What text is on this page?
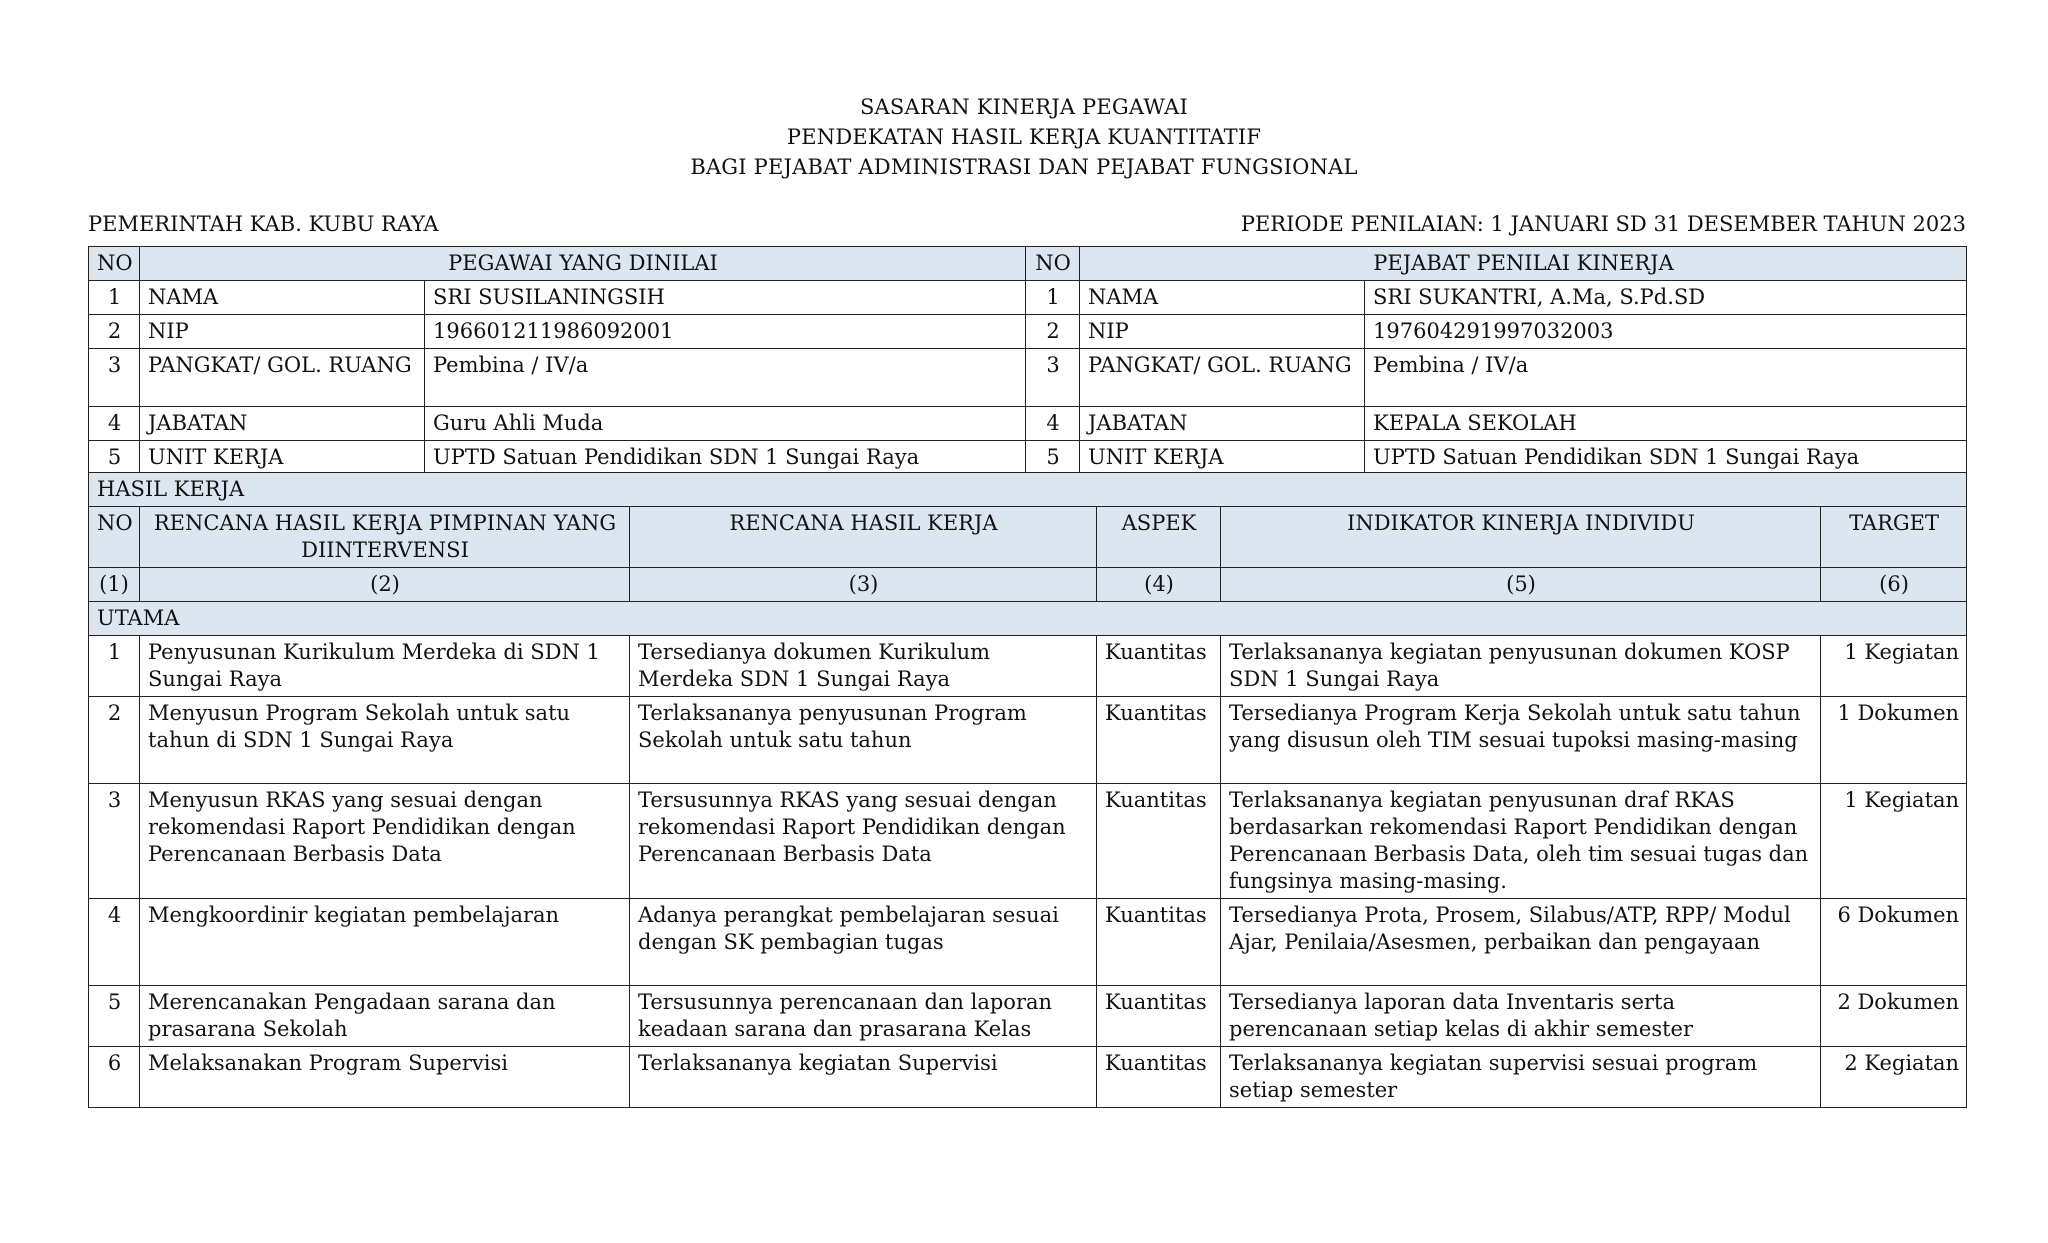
SASARAN KINERJA PEGAWAI
PENDEKATAN HASIL KERJA KUANTITATIF
BAGI PEJABAT ADMINISTRASI DAN PEJABAT FUNGSIONAL
PEMERINTAH KAB. KUBU RAYA	PERIODE PENILAIAN: 1 JANUARI SD 31 DESEMBER TAHUN 2023
NO	PEGAWAI YANG DINILAI		NO	PEJABAT PENILAI KINERJA	
1	NAMA	SRI SUSILANINGSIH	1	NAMA	SRI SUKANTRI, A.Ma, S.Pd.SD
2	NIP	196601211986092001	2	NIP	197604291997032003
3	PANGKAT/ GOL. RUANG	Pembina / IV/a	3	PANGKAT/ GOL. RUANG	Pembina / IV/a
4	JABATAN	Guru Ahli Muda	4	JABATAN	KEPALA SEKOLAH
5	UNIT KERJA	UPTD Satuan Pendidikan SDN 1 Sungai Raya	5	UNIT KERJA	UPTD Satuan Pendidikan SDN 1 Sungai Raya
HASIL KERJA					
NO	RENCANA HASIL KERJA PIMPINAN YANG DIINTERVENSI	RENCANA HASIL KERJA	ASPEK	INDIKATOR KINERJA INDIVIDU	TARGET
(1)	(2)	(3)	(4)	(5)	(6)
UTAMA					
1	Penyusunan Kurikulum Merdeka di SDN 1 Sungai Raya	Tersedianya dokumen Kurikulum Merdeka SDN 1 Sungai Raya	Kuantitas	Terlaksananya kegiatan penyusunan dokumen KOSP SDN 1 Sungai Raya	1 Kegiatan
2	Menyusun Program Sekolah untuk satu tahun di SDN 1 Sungai Raya	Terlaksananya penyusunan Program Sekolah untuk satu tahun	Kuantitas	Tersedianya Program Kerja Sekolah untuk satu tahun yang disusun oleh TIM sesuai tupoksi masing-masing	1 Dokumen
3	Menyusun RKAS yang sesuai dengan rekomendasi Raport Pendidikan dengan Perencanaan Berbasis Data	Tersusunnya RKAS yang sesuai dengan rekomendasi Raport Pendidikan dengan Perencanaan Berbasis Data	Kuantitas	Terlaksananya kegiatan penyusunan draf RKAS berdasarkan rekomendasi Raport Pendidikan dengan Perencanaan Berbasis Data, oleh tim sesuai tugas dan fungsinya masing-masing.	1 Kegiatan
4	Mengkoordinir kegiatan pembelajaran	Adanya perangkat pembelajaran sesuai dengan SK pembagian tugas	Kuantitas	Tersedianya Prota, Prosem, Silabus/ATP, RPP/ Modul Ajar, Penilaia/Asesmen, perbaikan dan pengayaan	6 Dokumen
5	Merencanakan Pengadaan sarana dan prasarana Sekolah	Tersusunnya perencanaan dan laporan keadaan sarana dan prasarana Kelas	Kuantitas	Tersedianya laporan data Inventaris serta perencanaan setiap kelas di akhir semester	2 Dokumen
6	Melaksanakan Program Supervisi	Terlaksananya kegiatan Supervisi	Kuantitas	Terlaksananya kegiatan supervisi sesuai program setiap semester	2 Kegiatan
